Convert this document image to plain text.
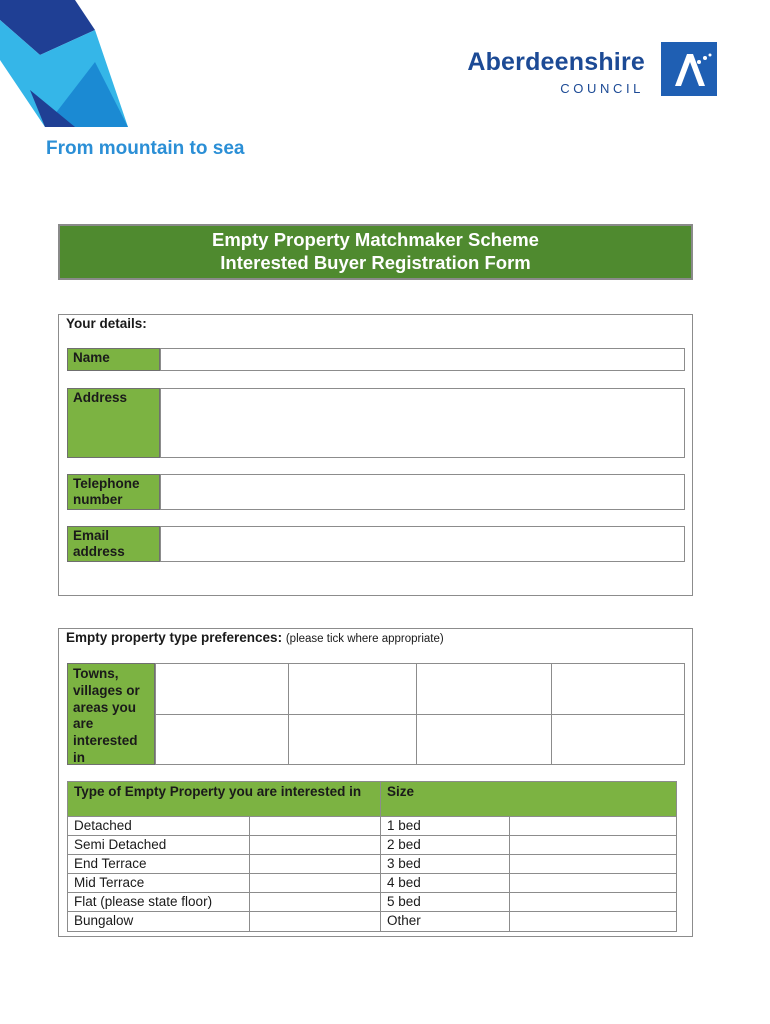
Aberdeenshire
COUNCIL
From mountain to sea
Empty Property Matchmaker Scheme
Interested Buyer Registration Form
Your details:
Name
Address
Telephone number
Email address
Empty property type preferences: (please tick where appropriate)
Towns, villages or areas you are interested in
Type of Empty Property you are interested in	Size
Detached	1 bed
Semi Detached	2 bed
End Terrace	3 bed
Mid Terrace	4 bed
Flat (please state floor)	5 bed
Bungalow	Other
